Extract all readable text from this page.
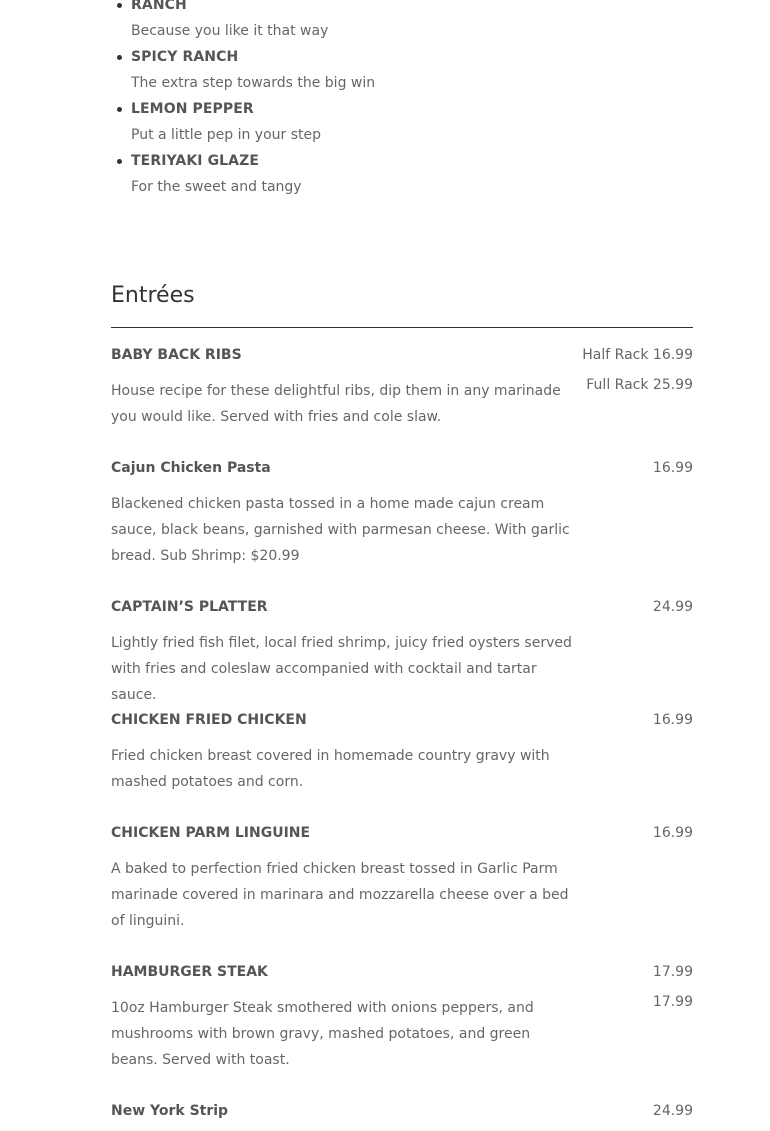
RANCH
Because you like it that way
SPICY RANCH
The extra step towards the big win
LEMON PEPPER
Put a little pep in your step
TERIYAKI GLAZE
For the sweet and tangy
Entrées
BABY BACK RIBS	Half Rack 16.99
Full Rack 25.99

House recipe for these delightful ribs, dip them in any marinade you would like. Served with fries and cole slaw.

Cajun Chicken Pasta	16.99

Blackened chicken pasta tossed in a home made cajun cream sauce, black beans, garnished with parmesan cheese. With garlic bread. Sub Shrimp: $20.99

CAPTAIN’S PLATTER	24.99

Lightly fried fish filet, local fried shrimp, juicy fried oysters served with fries and coleslaw accompanied with cocktail and tartar sauce.

CHICKEN FRIED CHICKEN	16.99

Fried chicken breast covered in homemade country gravy with mashed potatoes and corn.

CHICKEN PARM LINGUINE	16.99

A baked to perfection fried chicken breast tossed in Garlic Parm marinade covered in marinara and mozzarella cheese over a bed of linguini.

HAMBURGER STEAK	17.99
17.99

10oz Hamburger Steak smothered with onions peppers, and mushrooms with brown gravy, mashed potatoes, and green beans. Served with toast.

New York Strip	24.99
